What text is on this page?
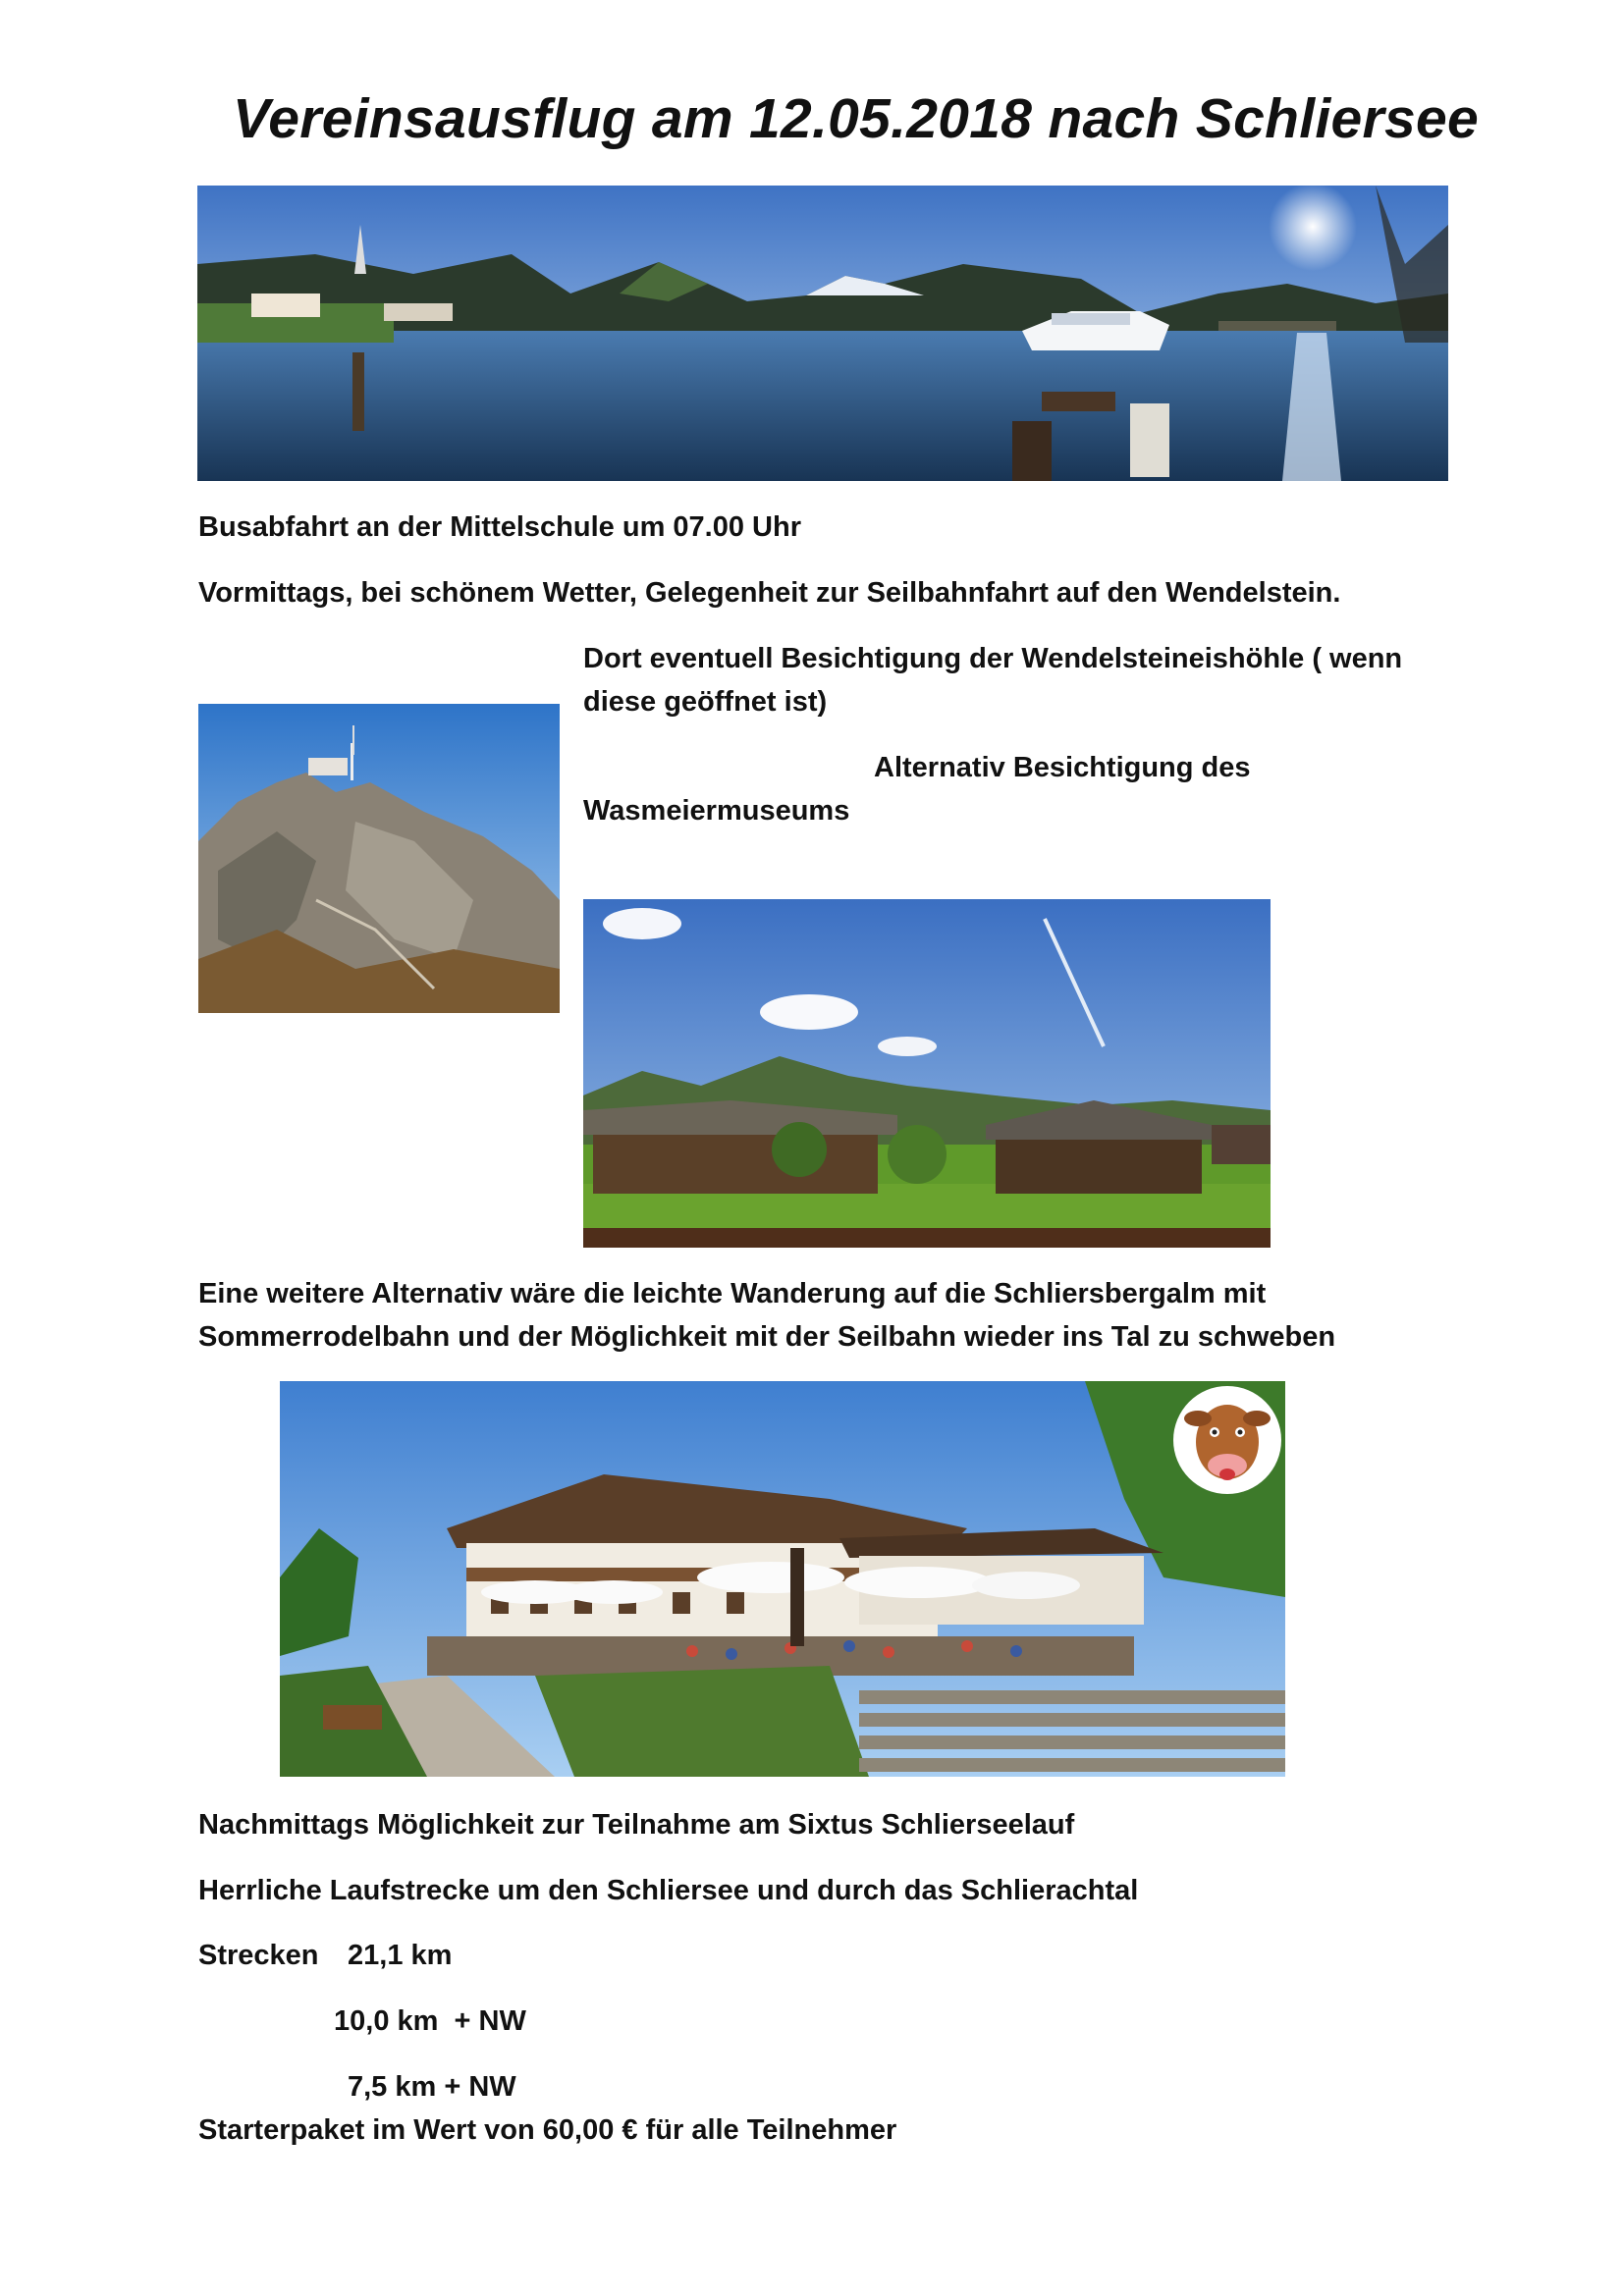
Vereinsausflug am 12.05.2018 nach Schliersee
Busabfahrt an der Mittelschule um 07.00 Uhr
Vormittags, bei schönem Wetter, Gelegenheit zur Seilbahnfahrt auf den Wendelstein.
Dort eventuell Besichtigung der Wendelsteineishöhle ( wenn
diese geöffnet ist)
Alternativ Besichtigung des
Wasmeiermuseums
Eine weitere Alternativ wäre die leichte Wanderung auf die Schliersbergalm mit
Sommerrodelbahn und der Möglichkeit mit der Seilbahn wieder ins Tal zu schweben
Nachmittags Möglichkeit zur Teilnahme am Sixtus Schlierseelauf
Herrliche Laufstrecke um den Schliersee und durch das Schlierachtal
Strecken 21,1 km
10,0 km  + NW
7,5 km + NW
Starterpaket im Wert von 60,00 € für alle Teilnehmer
